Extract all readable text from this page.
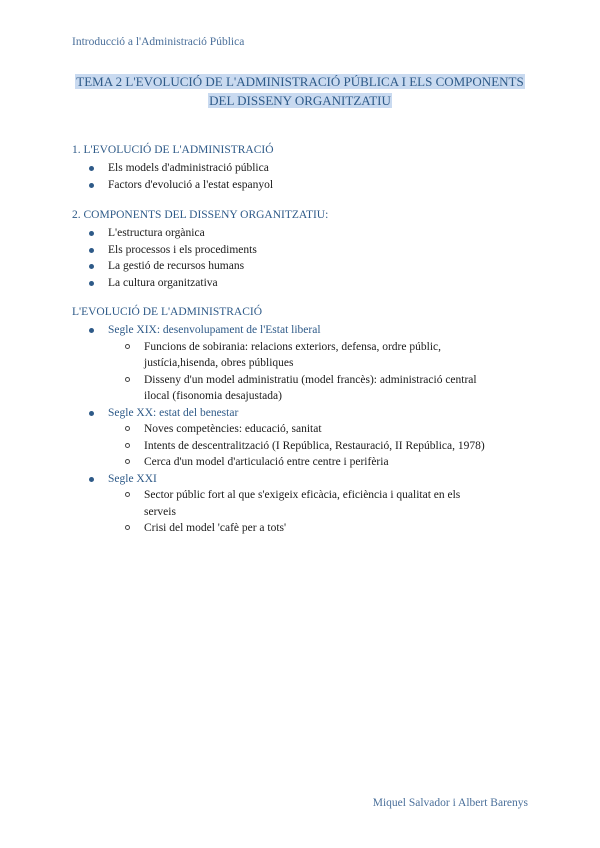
Introducció a l'Administració Pública
TEMA 2 L'EVOLUCIÓ DE L'ADMINISTRACIÓ PÚBLICA I ELS COMPONENTS
DEL DISSENY ORGANITZATIU
1. L'EVOLUCIÓ DE L'ADMINISTRACIÓ
Els models d'administració pública
Factors d'evolució a l'estat espanyol
2. COMPONENTS DEL DISSENY ORGANITZATIU:
L'estructura orgànica
Els processos i els procediments
La gestió de recursos humans
La cultura organitzativa
L'EVOLUCIÓ DE L'ADMINISTRACIÓ
Segle XIX: desenvolupament de l'Estat liberal
Funcions de sobirania: relacions exteriors, defensa, ordre públic,
justícia,hisenda, obres públiques
Disseny d'un model administratiu (model francès): administració central
ilocal (fisonomia desajustada)
Segle XX: estat del benestar
Noves competències: educació, sanitat
Intents de descentralització (I República, Restauració, II República, 1978)
Cerca d'un model d'articulació entre centre i perifèria
Segle XXI
Sector públic fort al que s'exigeix eficàcia, eficiència i qualitat en els
serveis
Crisi del model 'cafè per a tots'
Miquel Salvador i Albert Barenys
